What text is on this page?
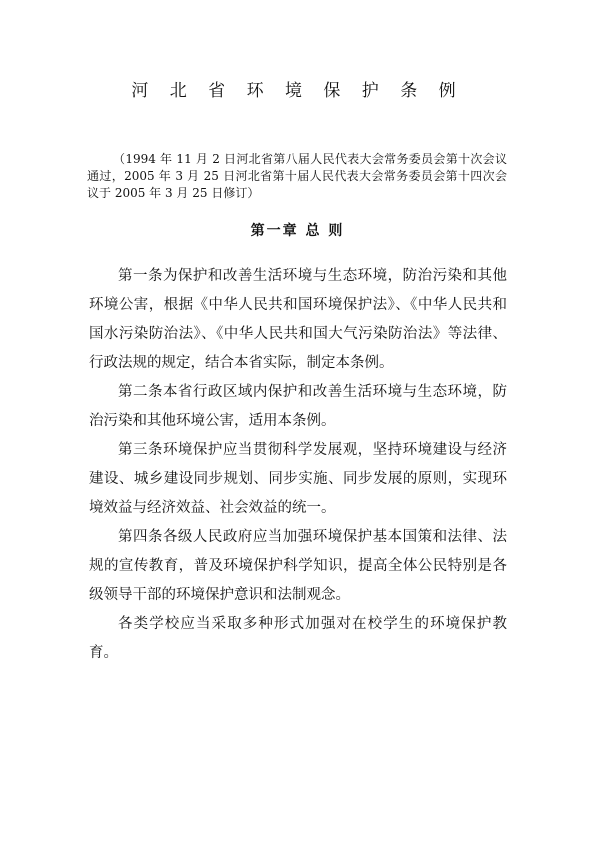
河 北 省 环 境 保 护 条 例

（1994 年 11 月 2 日河北省第八届人民代表大会常务委员会第十次会议通过，2005 年 3 月 25 日河北省第十届人民代表大会常务委员会第十四次会议于 2005 年 3 月 25 日修订）

第一章 总 则

第一条为保护和改善生活环境与生态环境，防治污染和其他环境公害，根据《中华人民共和国环境保护法》、《中华人民共和国水污染防治法》、《中华人民共和国大气污染防治法》等法律、行政法规的规定，结合本省实际，制定本条例。

第二条本省行政区域内保护和改善生活环境与生态环境，防治污染和其他环境公害，适用本条例。

第三条环境保护应当贯彻科学发展观，坚持环境建设与经济建设、城乡建设同步规划、同步实施、同步发展的原则，实现环境效益与经济效益、社会效益的统一。

第四条各级人民政府应当加强环境保护基本国策和法律、法规的宣传教育，普及环境保护科学知识，提高全体公民特别是各级领导干部的环境保护意识和法制观念。

各类学校应当采取多种形式加强对在校学生的环境保护教育。
